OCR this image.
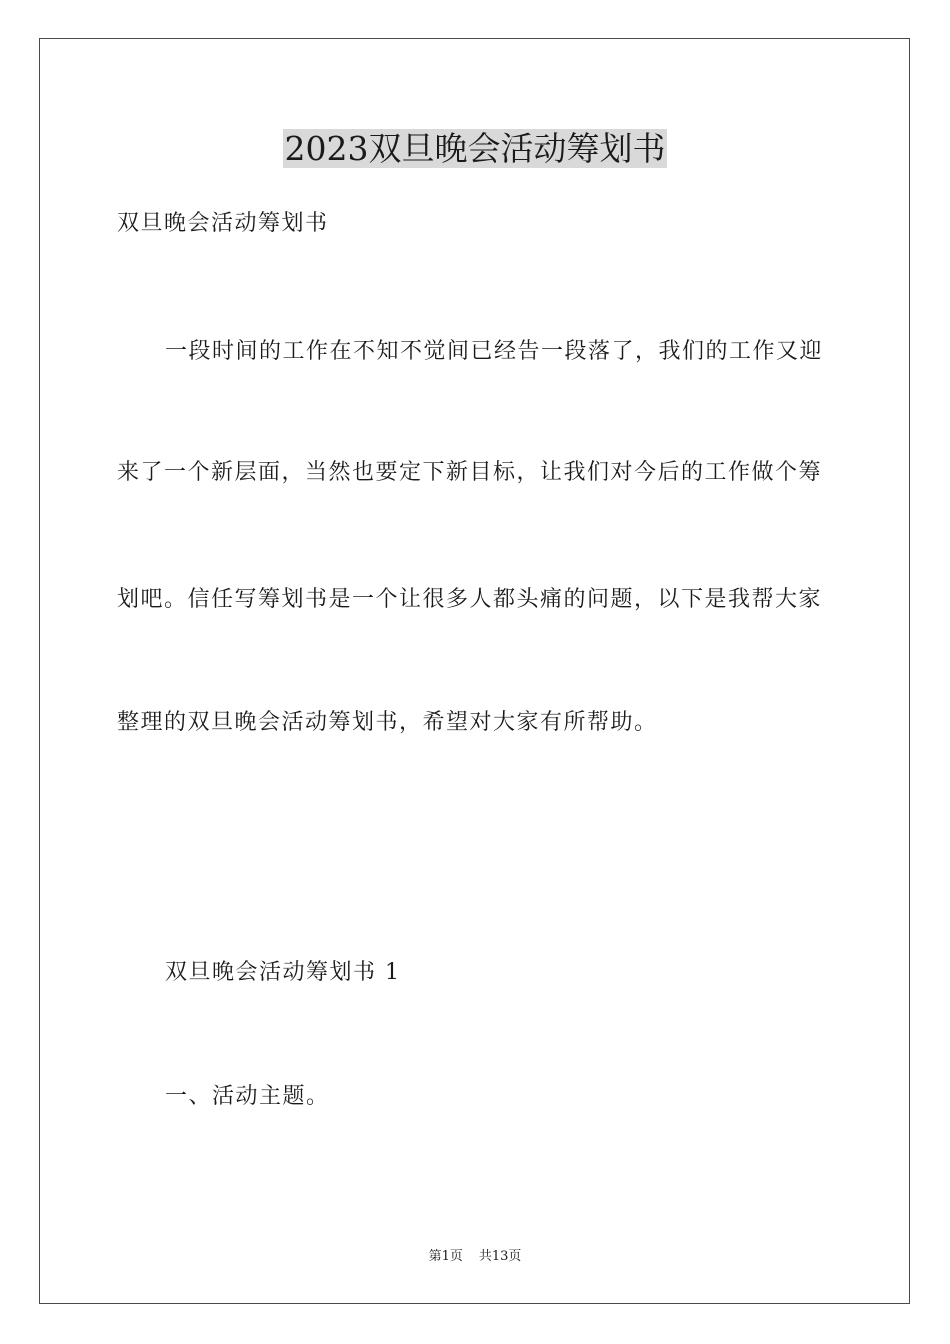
2023双旦晚会活动筹划书
双旦晚会活动筹划书
一段时间的工作在不知不觉间已经告一段落了，我们的工作又迎
来了一个新层面，当然也要定下新目标，让我们对今后的工作做个筹
划吧。信任写筹划书是一个让很多人都头痛的问题，以下是我帮大家
整理的双旦晚会活动筹划书，希望对大家有所帮助。
双旦晚会活动筹划书 1
一、活动主题。
第1页 共13页
